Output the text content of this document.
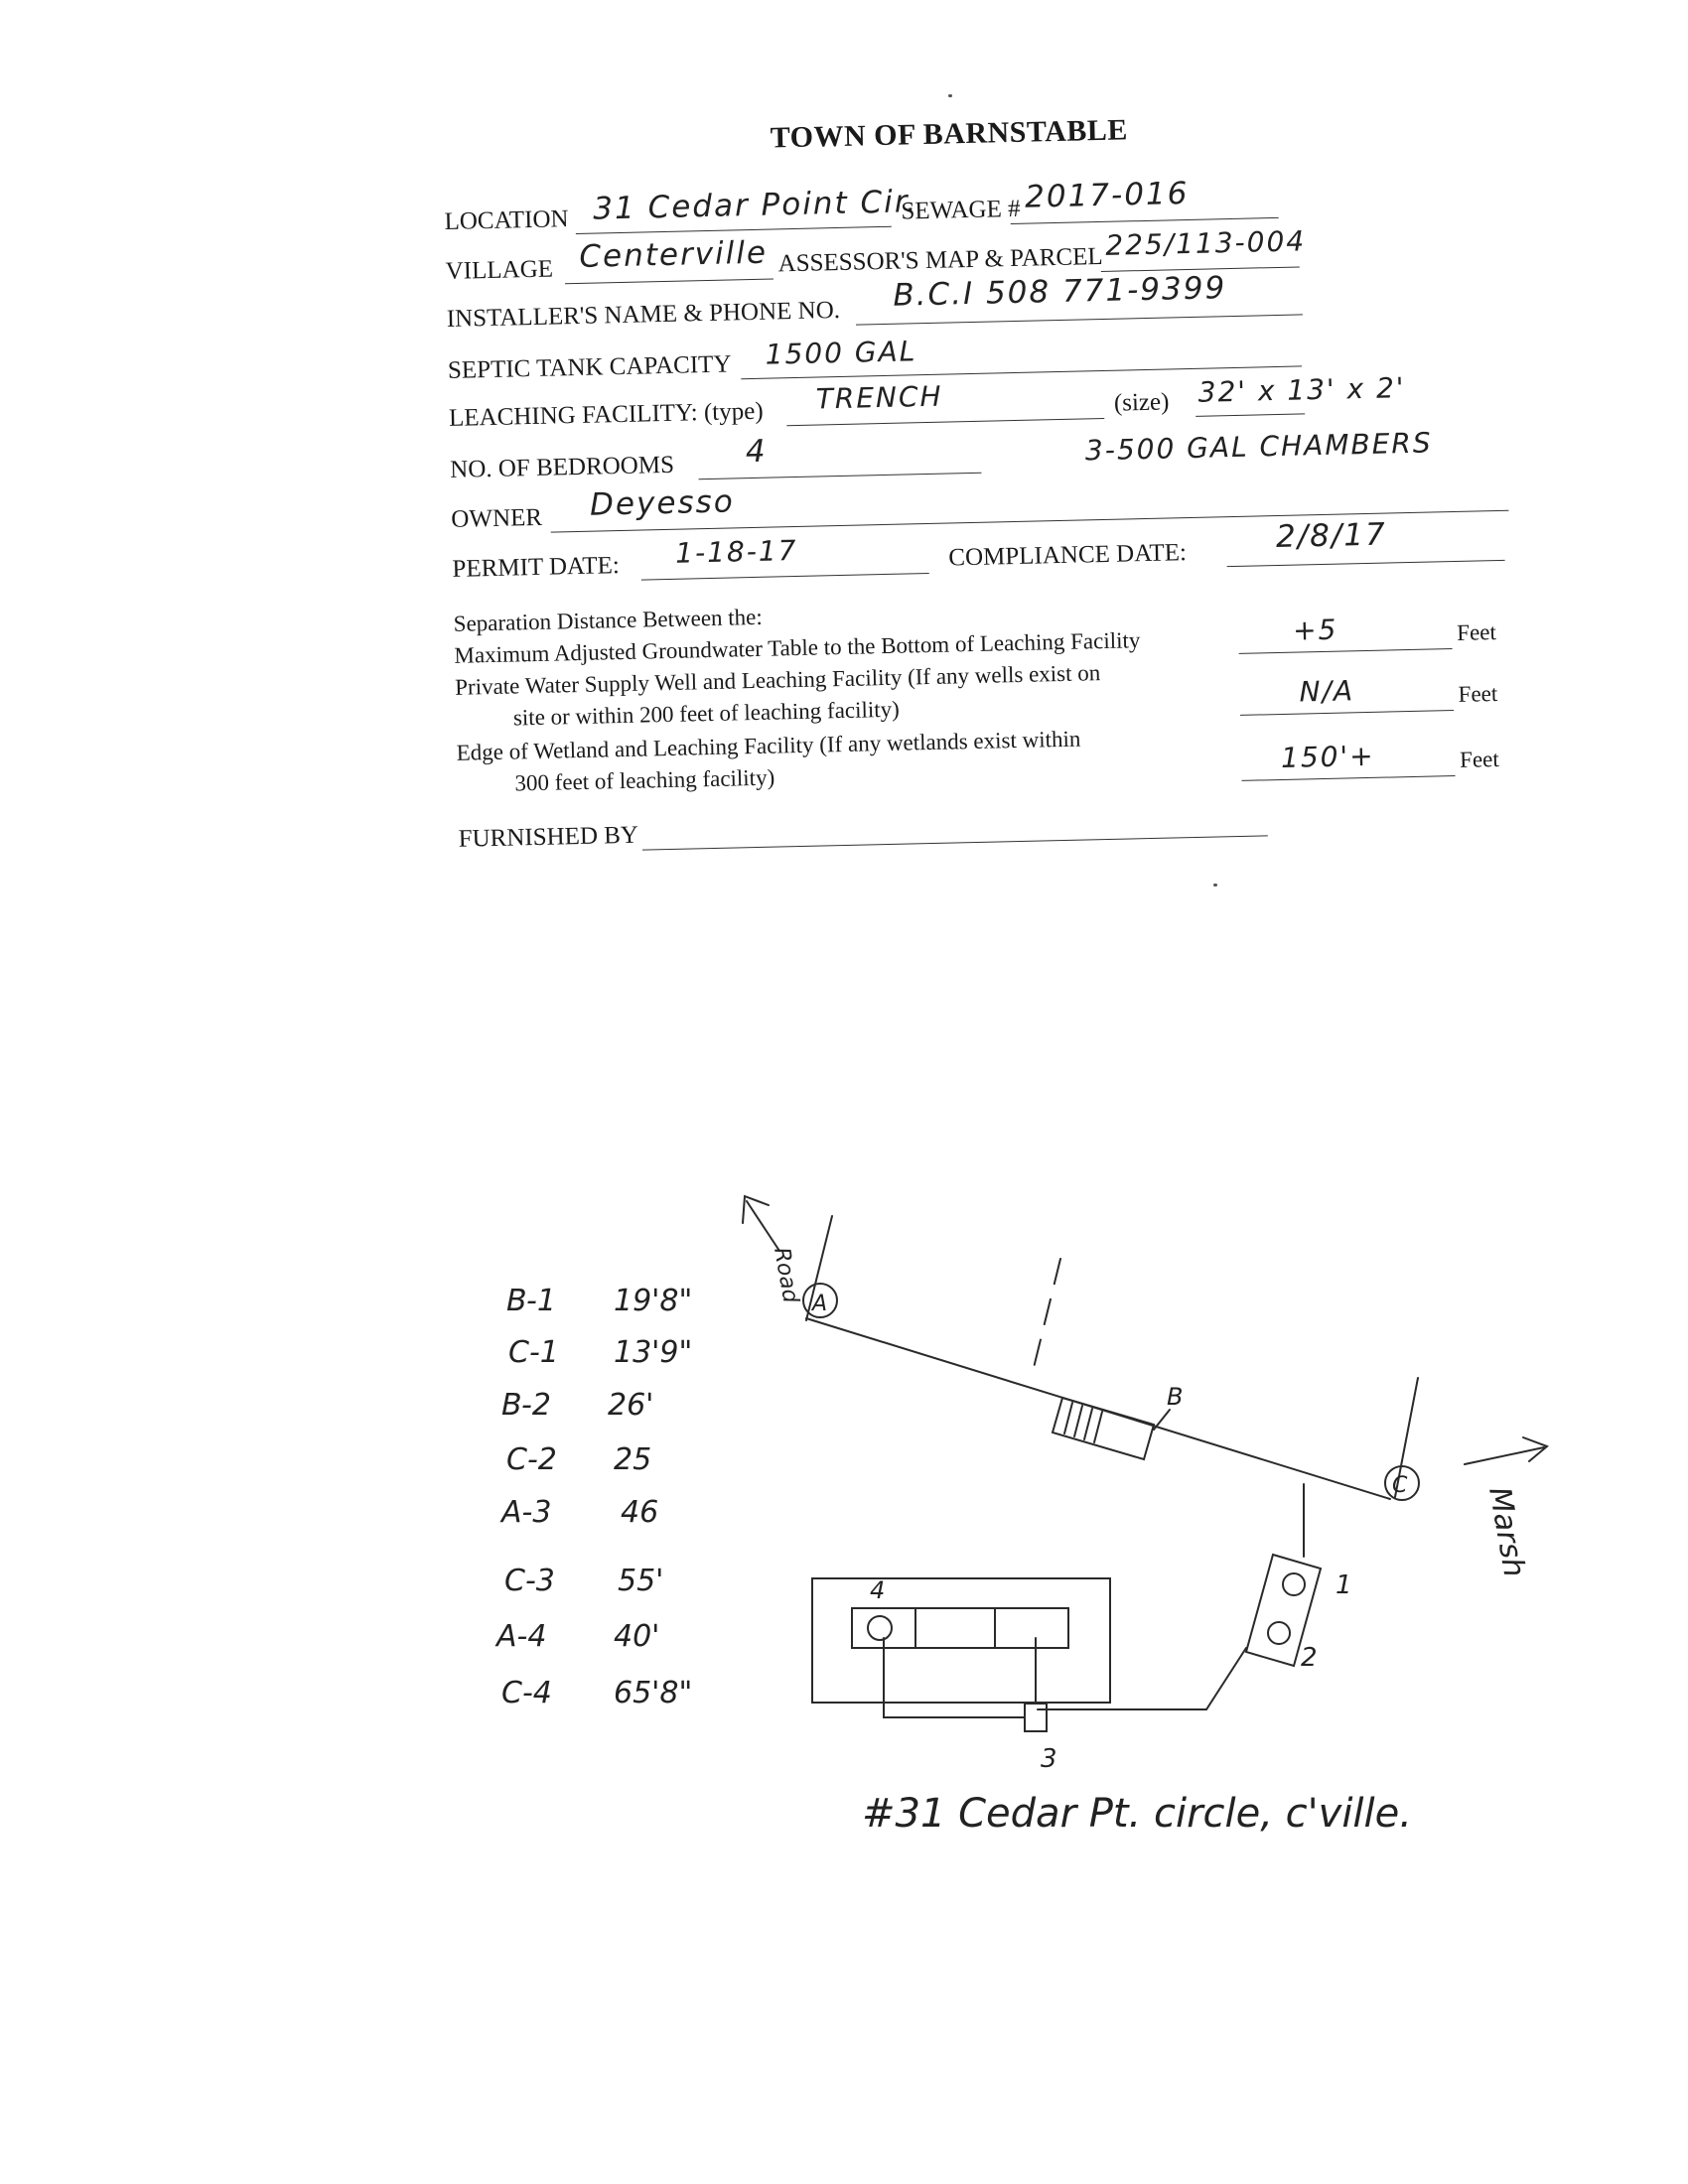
TOWN OF BARNSTABLE
LOCATION 31 Cedar Point Cir.
SEWAGE # 2017-016
VILLAGE Centerville ASSESSOR'S MAP & PARCEL 225/113-004
INSTALLER'S NAME & PHONE NO.
B.C.I 508 771-9399
SEPTIC TANK CAPACITY 1500 GAL
LEACHING FACILITY: (type) TRENCH	(size) 32' x 13' x 2'
3-500 GAL CHAMBERS
NO. OF BEDROOMS 4
OWNER Deyesso
PERMIT DATE: 1-18-17	COMPLIANCE DATE:
2/8/17
Separation Distance Between the:
Maximum Adjusted Groundwater Table to the Bottom of Leaching Facility	+5	Feet
Private Water Supply Well and Leaching Facility (If any wells exist on
site or within 200 feet of leaching facility)
N/A	Feet
Edge of Wetland and Leaching Facility (If any wetlands exist within
300 feet of leaching facility)
150'+	Feet
FURNISHED BY
A
C
B
1
2
3
4
Road
Marsh
B-1 19'8"
C-1 13'9"
B-2 26'
C-2 25
A-3 46
C-3 55'
A-4 40'
C-4 65'8"
#31 Cedar Pt. circle, c'ville.
